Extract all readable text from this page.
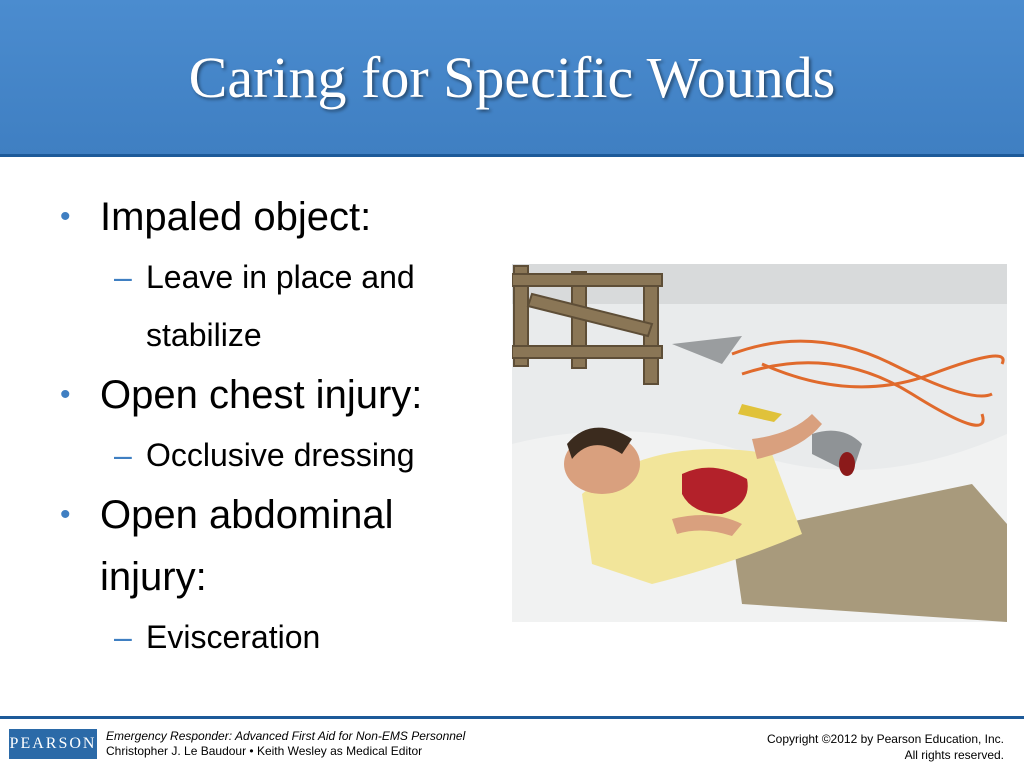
Caring for Specific Wounds
• Impaled object:
– Leave in place and
stabilize
• Open chest injury:
– Occlusive dressing
• Open abdominal
injury:
– Evisceration
PEARSON Emergency Responder: Advanced First Aid for Non-EMS Personnel
Christopher J. Le Baudour • Keith Wesley as Medical Editor
Copyright ©2012 by Pearson Education, Inc.
All rights reserved.
